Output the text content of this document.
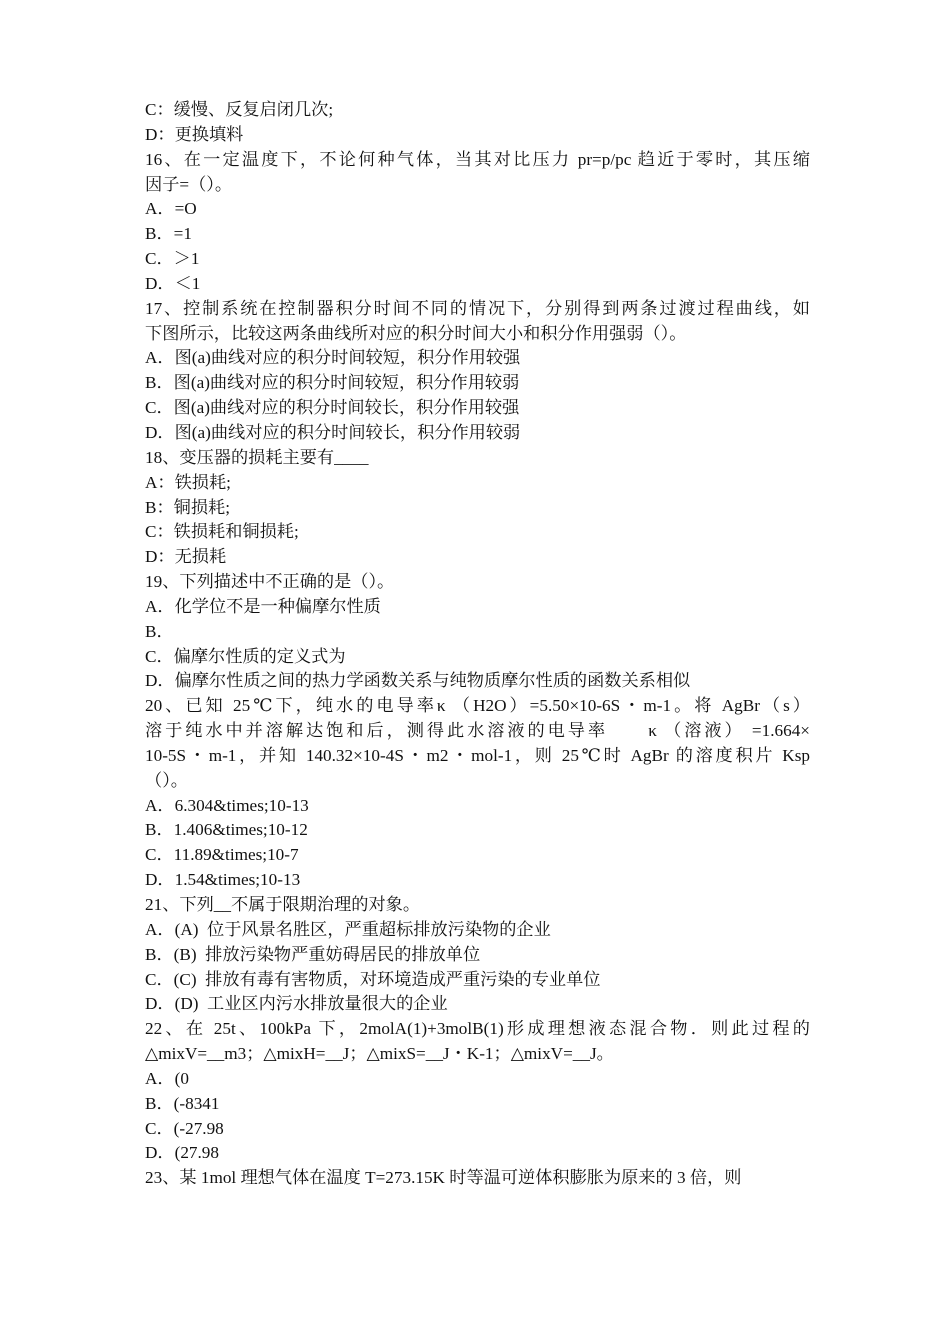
C：缓慢、反复启闭几次;
D：更换填料
16、在一定温度下，不论何种气体，当其对比压力 pr=p/pc 趋近于零时，其压缩
因子=（）。
A．=O
B．=1
C．＞1
D．＜1
17、控制系统在控制器积分时间不同的情况下，分别得到两条过渡过程曲线，如
下图所示，比较这两条曲线所对应的积分时间大小和积分作用强弱（）。
A．图(a)曲线对应的积分时间较短，积分作用较强
B．图(a)曲线对应的积分时间较短，积分作用较弱
C．图(a)曲线对应的积分时间较长，积分作用较强
D．图(a)曲线对应的积分时间较长，积分作用较弱
18、变压器的损耗主要有____
A：铁损耗;
B：铜损耗;
C：铁损耗和铜损耗;
D：无损耗
19、下列描述中不正确的是（）。
A．化学位不是一种偏摩尔性质
B．
C．偏摩尔性质的定义式为
D．偏摩尔性质之间的热力学函数关系与纯物质摩尔性质的函数关系相似
20、已知 25℃下，纯水的电导率κ （H2O）=5.50×10-6S・m-1。将 AgBr（s）
溶于纯水中并溶解达饱和后，测得此水溶液的电导率　　κ （溶液） =1.664×
10-5S・m-1，并知 140.32×10-4S・m2・mol-1，则 25℃时 AgBr 的溶度积片 Ksp
（）。
A．6.304&times;10-13
B．1.406&times;10-12
C．11.89&times;10-7
D．1.54&times;10-13
21、下列__不属于限期治理的对象。
A．(A)  位于风景名胜区，严重超标排放污染物的企业
B．(B)  排放污染物严重妨碍居民的排放单位
C．(C)  排放有毒有害物质，对环境造成严重污染的专业单位
D．(D)  工业区内污水排放量很大的企业
22、在 25t、100kPa 下，2molA(1)+3molB(1)形成理想液态混合物．则此过程的
△mixV=__m3；△mixH=__J；△mixS=__J・K-1；△mixV=__J。
A．(0
B．(-8341
C．(-27.98
D．(27.98
23、某 1mol 理想气体在温度 T=273.15K 时等温可逆体积膨胀为原来的 3 倍，则
